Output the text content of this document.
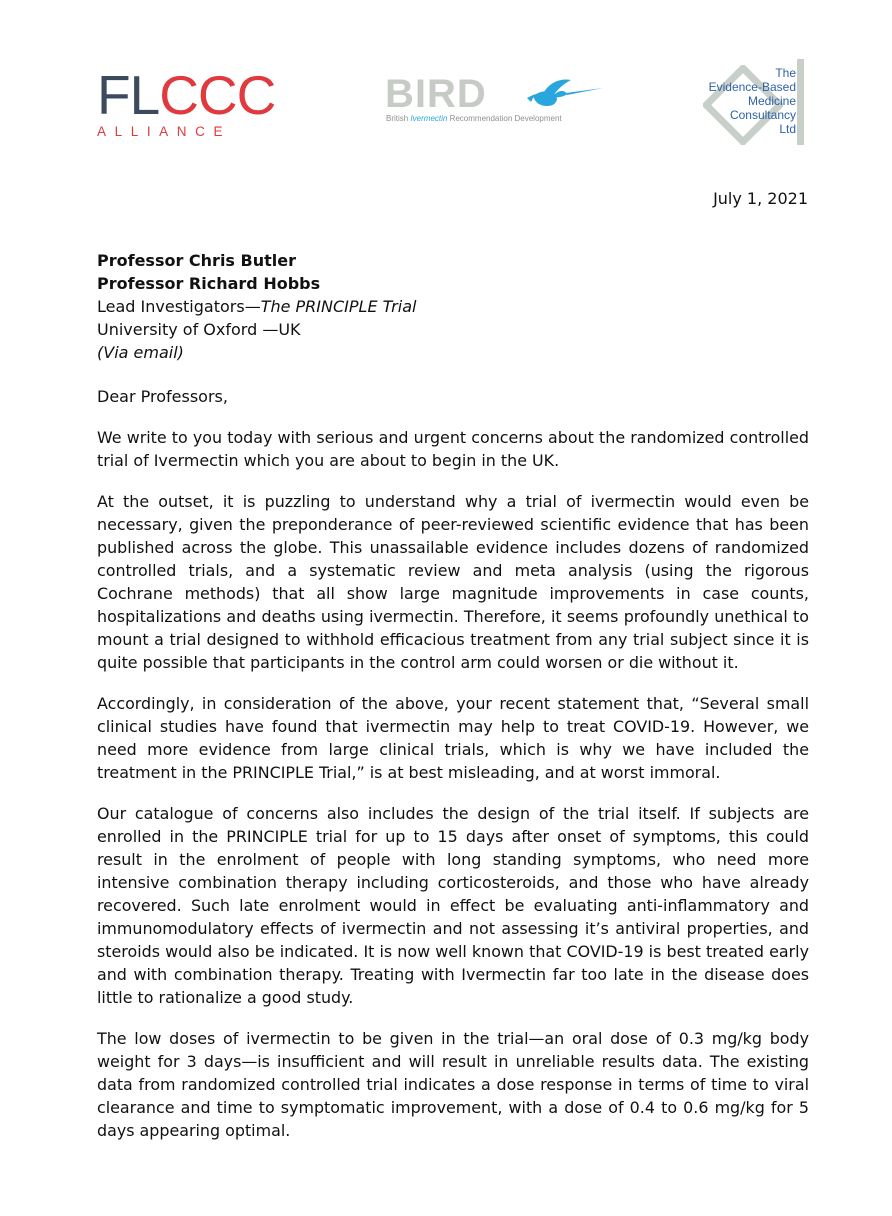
FLCCC
ALLIANCE
BIRD
British Ivermectin Recommendation Development
The
Evidence-Based
Medicine
Consultancy
Ltd
July 1, 2021
Professor Chris Butler
Professor Richard Hobbs
Lead Investigators—The PRINCIPLE Trial
University of Oxford —UK
(Via email)
Dear Professors,

We write to you today with serious and urgent concerns about the randomized controlled trial of Ivermectin which you are about to begin in the UK.

At the outset, it is puzzling to understand why a trial of ivermectin would even be necessary, given the preponderance of peer-reviewed scientific evidence that has been published across the globe. This unassailable evidence includes dozens of randomized controlled trials, and a systematic review and meta analysis (using the rigorous Cochrane methods) that all show large magnitude improvements in case counts, hospitalizations and deaths using ivermectin. Therefore, it seems profoundly unethical to mount a trial designed to withhold efficacious treatment from any trial subject since it is quite possible that participants in the control arm could worsen or die without it.

Accordingly, in consideration of the above, your recent statement that, “Several small clinical studies have found that ivermectin may help to treat COVID-19. However, we need more evidence from large clinical trials, which is why we have included the treatment in the PRINCIPLE Trial,” is at best misleading, and at worst immoral.

Our catalogue of concerns also includes the design of the trial itself. If subjects are enrolled in the PRINCIPLE trial for up to 15 days after onset of symptoms, this could result in the enrolment of people with long standing symptoms, who need more intensive combination therapy including corticosteroids, and those who have already recovered. Such late enrolment would in effect be evaluating anti-inflammatory and immunomodulatory effects of ivermectin and not assessing it’s antiviral properties, and steroids would also be indicated. It is now well known that COVID-19 is best treated early and with combination therapy. Treating with Ivermectin far too late in the disease does little to rationalize a good study.

The low doses of ivermectin to be given in the trial—an oral dose of 0.3 mg/kg body weight for 3 days—is insufficient and will result in unreliable results data. The existing data from randomized controlled trial indicates a dose response in terms of time to viral clearance and time to symptomatic improvement, with a dose of 0.4 to 0.6 mg/kg for 5 days appearing optimal.
